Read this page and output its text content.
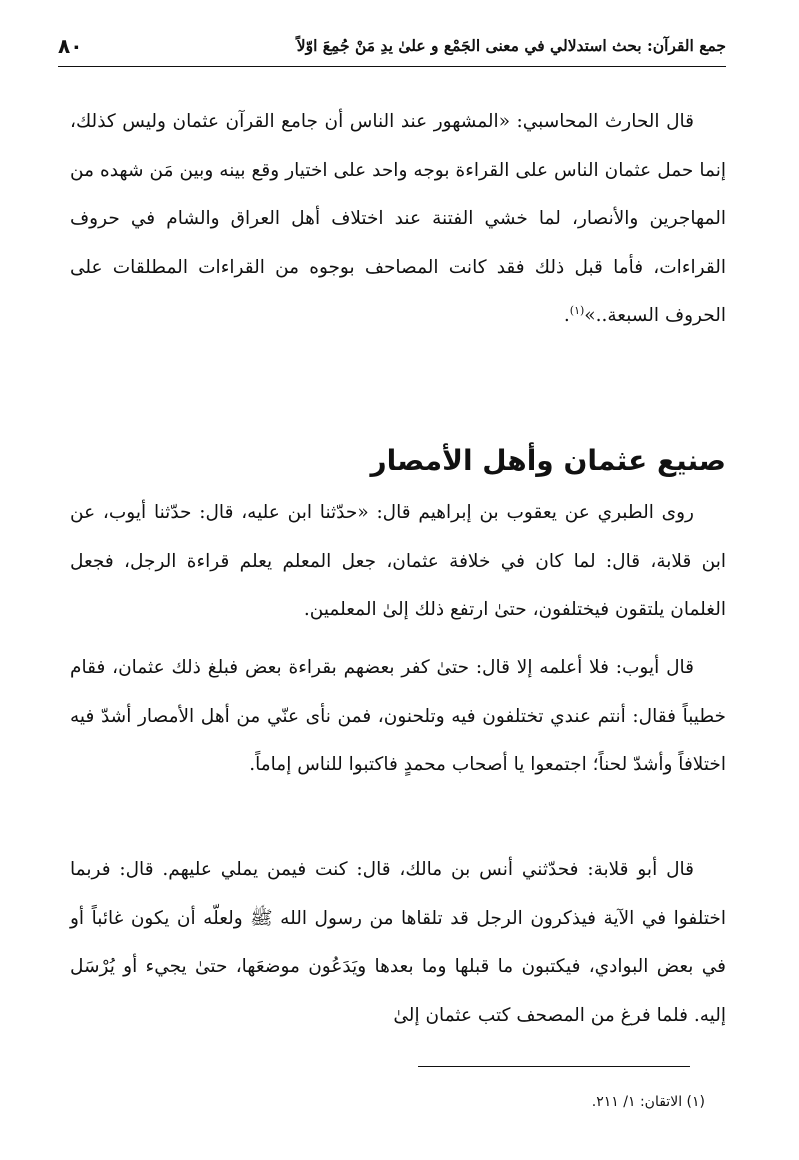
٨٠	جمع القرآن: بحث استدلالي في معنى الجَمْع و علىٰ يدِ مَنْ جُمِعَ اوّلاً

قال الحارث المحاسبي: «المشهور عند الناس أن جامع القرآن عثمان وليس كذلك، إنما حمل عثمان الناس على القراءة بوجه واحد على اختيار وقع بينه وبين مَن شهده من المهاجرين والأنصار، لما خشي الفتنة عند اختلاف أهل العراق والشام في حروف القراءات، فأما قبل ذلك فقد كانت المصاحف بوجوه من القراءات المطلقات على الحروف السبعة..»$^{(١)}$.

صنيع عثمان وأهل الأمصار

روى الطبري عن يعقوب بن إبراهيم قال: «حدّثنا ابن عليه، قال: حدّثنا أيوب، عن ابن قلابة، قال: لما كان في خلافة عثمان، جعل المعلم يعلم قراءة الرجل، فجعل الغلمان يلتقون فيختلفون، حتىٰ ارتفع ذلك إلىٰ المعلمين.

قال أيوب: فلا أعلمه إلا قال: حتىٰ كفر بعضهم بقراءة بعض فبلغ ذلك عثمان، فقام خطيباً فقال: أنتم عندي تختلفون فيه وتلحنون، فمن نأى عنّي من أهل الأمصار أشدّ فيه اختلافاً وأشدّ لحناً؛ اجتمعوا يا أصحاب محمدٍ فاكتبوا للناس إماماً.

قال أبو قلابة: فحدّثني أنس بن مالك، قال: كنت فيمن يملي عليهم. قال: فربما اختلفوا في الآية فيذكرون الرجل قد تلقاها من رسول الله ﷺ ولعلّه أن يكون غائباً أو في بعض البوادي، فيكتبون ما قبلها وما بعدها ويَدَعُون موضعَها، حتىٰ يجيء أو يُرْسَل إليه. فلما فرغ من المصحف كتب عثمان إلىٰ

(١) الاتقان: ١/ ٢١١.
